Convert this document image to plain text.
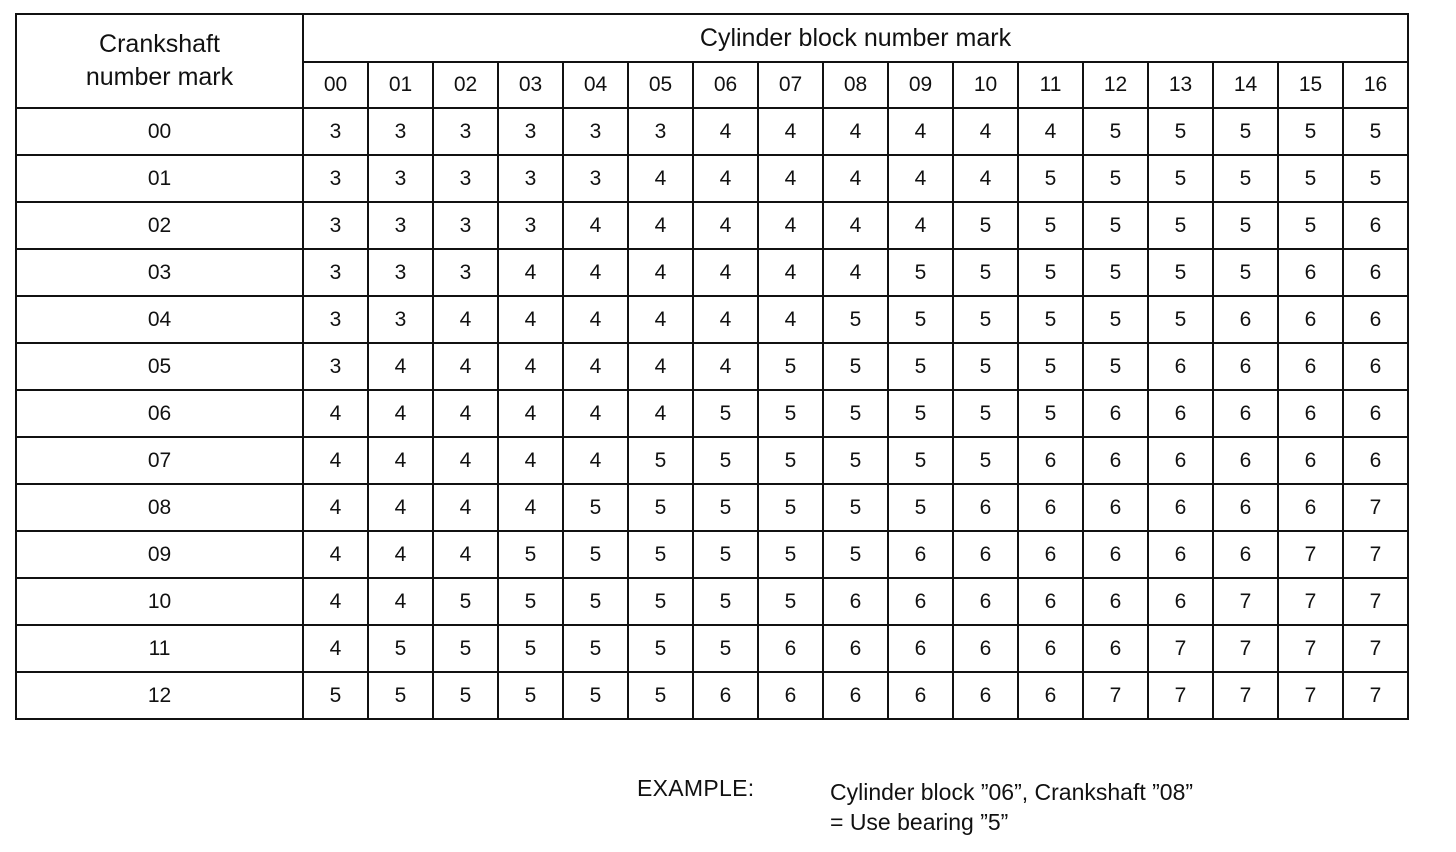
Crankshaft
number mark	Cylinder block number mark																
	00	01	02	03	04	05	06	07	08	09	10	11	12	13	14	15	16
00	3	3	3	3	3	3	4	4	4	4	4	4	5	5	5	5	5
01	3	3	3	3	3	4	4	4	4	4	4	5	5	5	5	5	5
02	3	3	3	3	4	4	4	4	4	4	5	5	5	5	5	5	6
03	3	3	3	4	4	4	4	4	4	5	5	5	5	5	5	6	6
04	3	3	4	4	4	4	4	4	5	5	5	5	5	5	6	6	6
05	3	4	4	4	4	4	4	5	5	5	5	5	5	6	6	6	6
06	4	4	4	4	4	4	5	5	5	5	5	5	6	6	6	6	6
07	4	4	4	4	4	5	5	5	5	5	5	6	6	6	6	6	6
08	4	4	4	4	5	5	5	5	5	5	6	6	6	6	6	6	7
09	4	4	4	5	5	5	5	5	5	6	6	6	6	6	6	7	7
10	4	4	5	5	5	5	5	5	6	6	6	6	6	6	7	7	7
11	4	5	5	5	5	5	5	6	6	6	6	6	6	7	7	7	7
12	5	5	5	5	5	5	6	6	6	6	6	6	7	7	7	7	7
EXAMPLE:	Cylinder block ”06”, Crankshaft ”08”
= Use bearing ”5”
